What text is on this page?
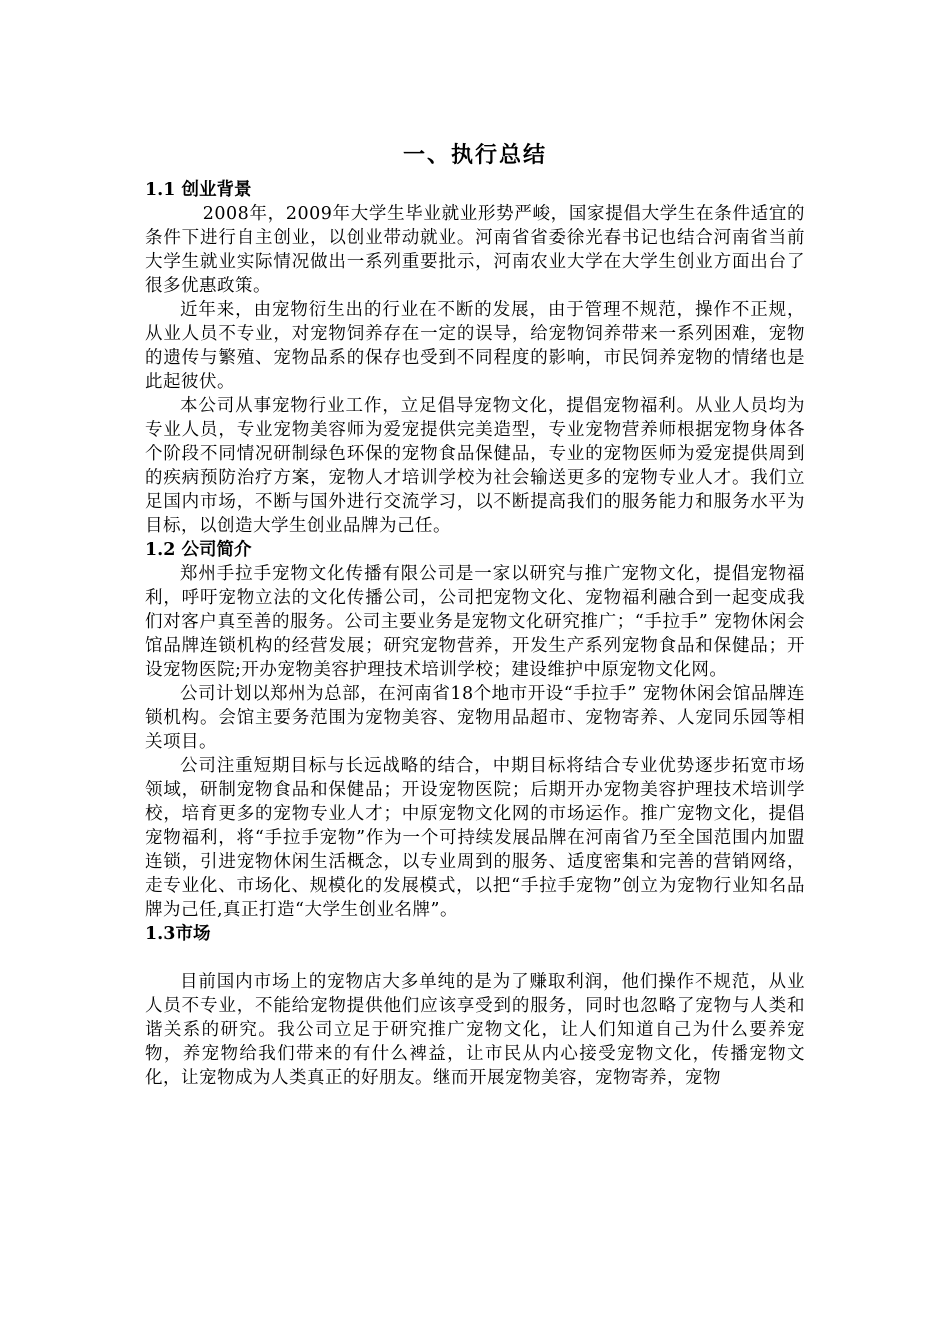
一、执行总结
1.1 创业背景

2008年，2009年大学生毕业就业形势严峻，国家提倡大学生在条件适宜的条件下进行自主创业，以创业带动就业。河南省省委徐光春书记也结合河南省当前大学生就业实际情况做出一系列重要批示，河南农业大学在大学生创业方面出台了很多优惠政策。

近年来，由宠物衍生出的行业在不断的发展，由于管理不规范，操作不正规，从业人员不专业，对宠物饲养存在一定的误导，给宠物饲养带来一系列困难，宠物的遗传与繁殖、宠物品系的保存也受到不同程度的影响，市民饲养宠物的情绪也是此起彼伏。

本公司从事宠物行业工作，立足倡导宠物文化，提倡宠物福利。从业人员均为专业人员，专业宠物美容师为爱宠提供完美造型，专业宠物营养师根据宠物身体各个阶段不同情况研制绿色环保的宠物食品保健品，专业的宠物医师为爱宠提供周到的疾病预防治疗方案，宠物人才培训学校为社会输送更多的宠物专业人才。我们立足国内市场，不断与国外进行交流学习，以不断提高我们的服务能力和服务水平为目标，以创造大学生创业品牌为己任。

1.2 公司简介

郑州手拉手宠物文化传播有限公司是一家以研究与推广宠物文化，提倡宠物福利，呼吁宠物立法的文化传播公司，公司把宠物文化、宠物福利融合到一起变成我们对客户真至善的服务。公司主要业务是宠物文化研究推广；“手拉手” 宠物休闲会馆品牌连锁机构的经营发展；研究宠物营养，开发生产系列宠物食品和保健品；开设宠物医院;开办宠物美容护理技术培训学校；建设维护中原宠物文化网。

公司计划以郑州为总部，在河南省18个地市开设“手拉手” 宠物休闲会馆品牌连锁机构。会馆主要务范围为宠物美容、宠物用品超市、宠物寄养、人宠同乐园等相关项目。

公司注重短期目标与长远战略的结合，中期目标将结合专业优势逐步拓宽市场领域，研制宠物食品和保健品；开设宠物医院；后期开办宠物美容护理技术培训学校，培育更多的宠物专业人才；中原宠物文化网的市场运作。推广宠物文化，提倡宠物福利，将“手拉手宠物”作为一个可持续发展品牌在河南省乃至全国范围内加盟连锁，引进宠物休闲生活概念，以专业周到的服务、适度密集和完善的营销网络，走专业化、市场化、规模化的发展模式，以把“手拉手宠物”创立为宠物行业知名品牌为己任,真正打造“大学生创业名牌”。

1.3市场

目前国内市场上的宠物店大多单纯的是为了赚取利润，他们操作不规范，从业人员不专业，不能给宠物提供他们应该享受到的服务，同时也忽略了宠物与人类和谐关系的研究。我公司立足于研究推广宠物文化，让人们知道自己为什么要养宠物，养宠物给我们带来的有什么裨益，让市民从内心接受宠物文化，传播宠物文化，让宠物成为人类真正的好朋友。继而开展宠物美容，宠物寄养，宠物
